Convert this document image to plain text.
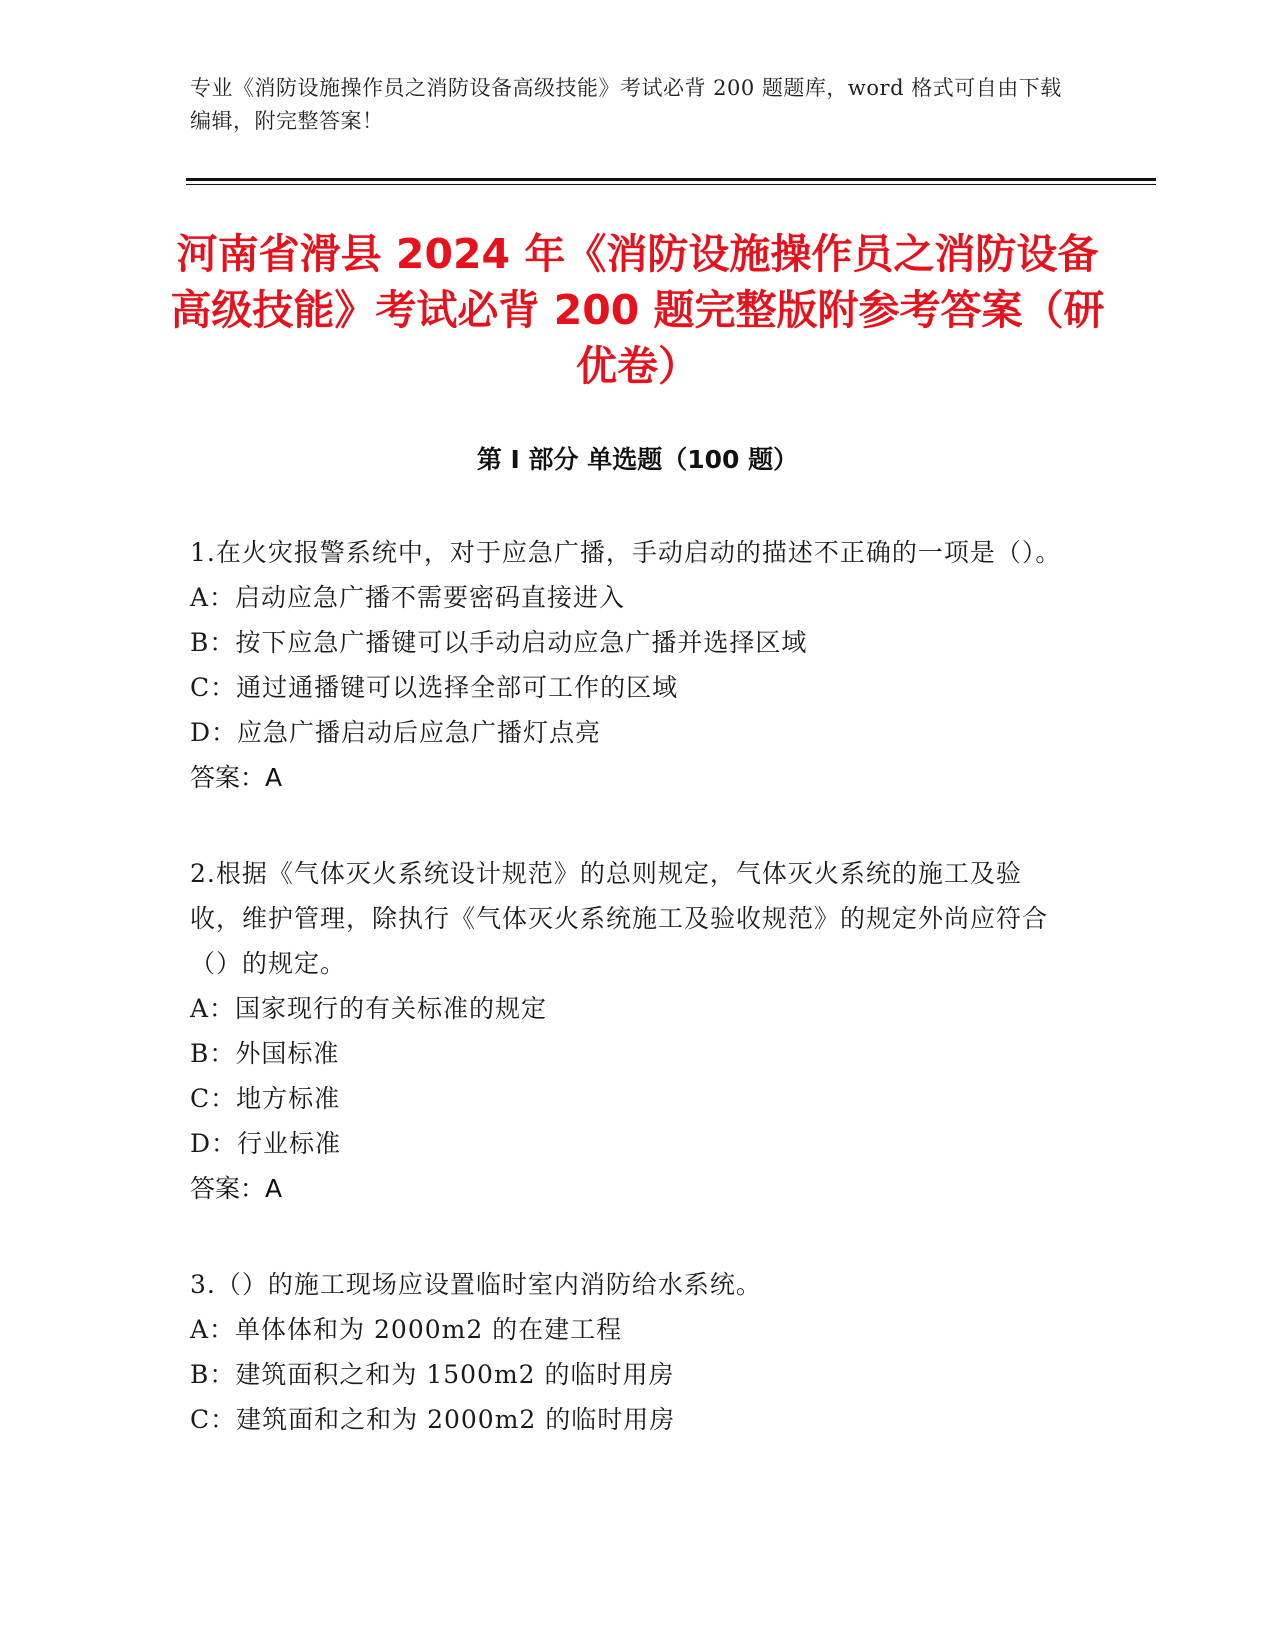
专业《消防设施操作员之消防设备高级技能》考试必背 200 题题库，word 格式可自由下载编辑，附完整答案！
河南省滑县 2024 年《消防设施操作员之消防设备高级技能》考试必背 200 题完整版附参考答案（研优卷）
第 I 部分 单选题（100 题）

1.在火灾报警系统中，对于应急广播，手动启动的描述不正确的一项是（）。

A：启动应急广播不需要密码直接进入

B：按下应急广播键可以手动启动应急广播并选择区域

C：通过通播键可以选择全部可工作的区域

D：应急广播启动后应急广播灯点亮

答案：A

2.根据《气体灭火系统设计规范》的总则规定，气体灭火系统的施工及验收，维护管理，除执行《气体灭火系统施工及验收规范》的规定外尚应符合（）的规定。

A：国家现行的有关标准的规定

B：外国标准

C：地方标准

D：行业标准

答案：A

3.（）的施工现场应设置临时室内消防给水系统。

A：单体体和为 2000m2 的在建工程

B：建筑面积之和为 1500m2 的临时用房

C：建筑面和之和为 2000m2 的临时用房
